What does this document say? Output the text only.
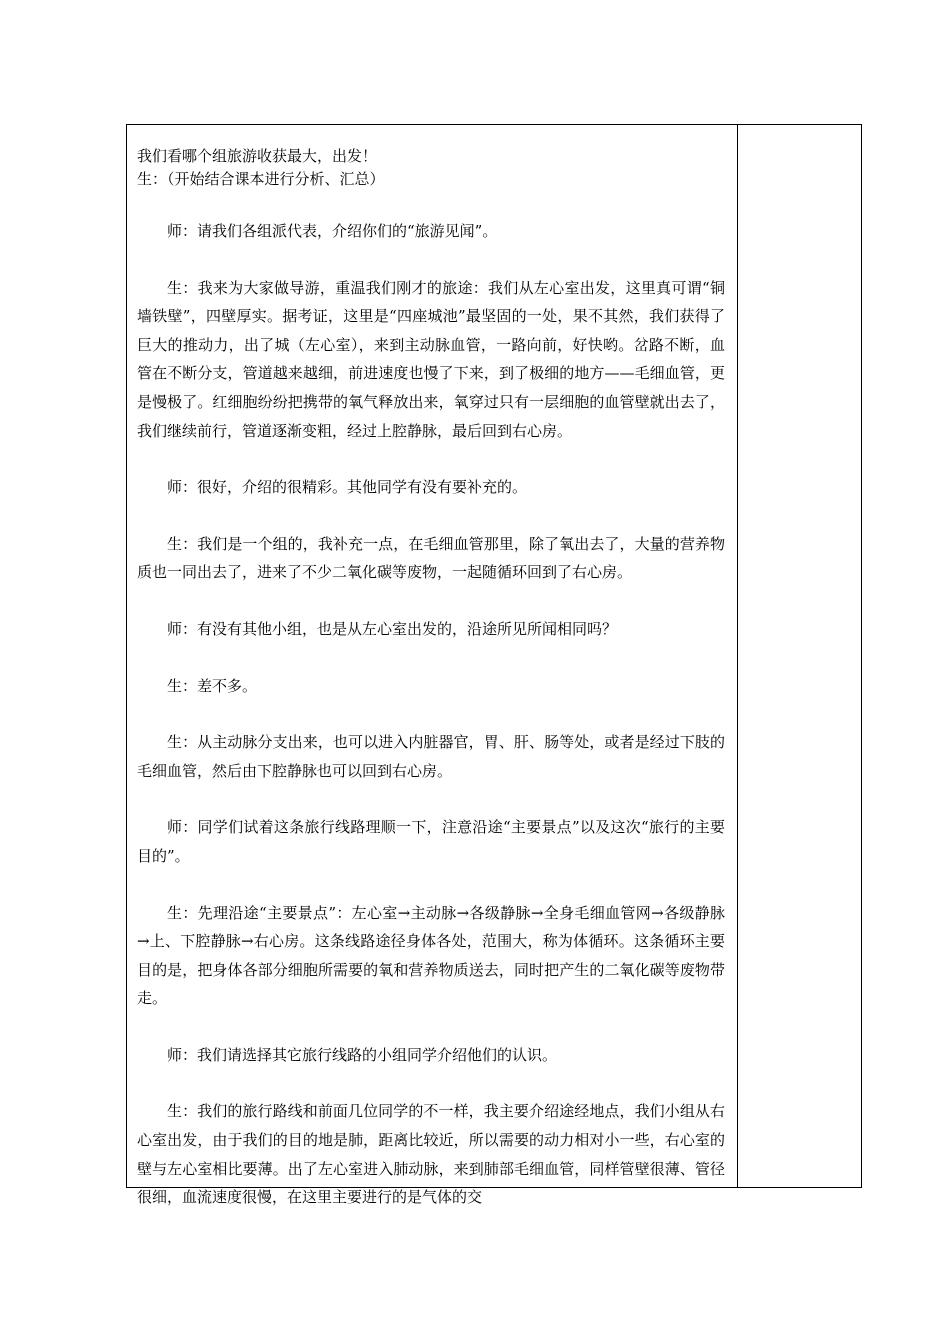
我们看哪个组旅游收获最大，出发！

生：（开始结合课本进行分析、汇总）

师：请我们各组派代表，介绍你们的“旅游见闻”。

生：我来为大家做导游，重温我们刚才的旅途：我们从左心室出发，这里真可谓“铜墙铁壁”，四壁厚实。据考证，这里是“四座城池”最坚固的一处，果不其然，我们获得了巨大的推动力，出了城（左心室），来到主动脉血管，一路向前，好快哟。岔路不断，血管在不断分支，管道越来越细，前进速度也慢了下来，到了极细的地方——毛细血管，更是慢极了。红细胞纷纷把携带的氧气释放出来，氧穿过只有一层细胞的血管壁就出去了，我们继续前行，管道逐渐变粗，经过上腔静脉，最后回到右心房。

师：很好，介绍的很精彩。其他同学有没有要补充的。

生：我们是一个组的，我补充一点，在毛细血管那里，除了氧出去了，大量的营养物质也一同出去了，进来了不少二氧化碳等废物，一起随循环回到了右心房。

师：有没有其他小组，也是从左心室出发的，沿途所见所闻相同吗？

生：差不多。

生：从主动脉分支出来，也可以进入内脏器官，胃、肝、肠等处，或者是经过下肢的毛细血管，然后由下腔静脉也可以回到右心房。

师：同学们试着这条旅行线路理顺一下，注意沿途“主要景点”以及这次“旅行的主要目的”。

生：先理沿途“主要景点”：左心室→主动脉→各级静脉→全身毛细血管网→各级静脉→上、下腔静脉→右心房。这条线路途径身体各处，范围大，称为体循环。这条循环主要目的是，把身体各部分细胞所需要的氧和营养物质送去，同时把产生的二氧化碳等废物带走。

师：我们请选择其它旅行线路的小组同学介绍他们的认识。

生：我们的旅行路线和前面几位同学的不一样，我主要介绍途经地点，我们小组从右心室出发，由于我们的目的地是肺，距离比较近，所以需要的动力相对小一些，右心室的壁与左心室相比要薄。出了左心室进入肺动脉，来到肺部毛细血管，同样管壁很薄、管径很细，血流速度很慢，在这里主要进行的是气体的交
